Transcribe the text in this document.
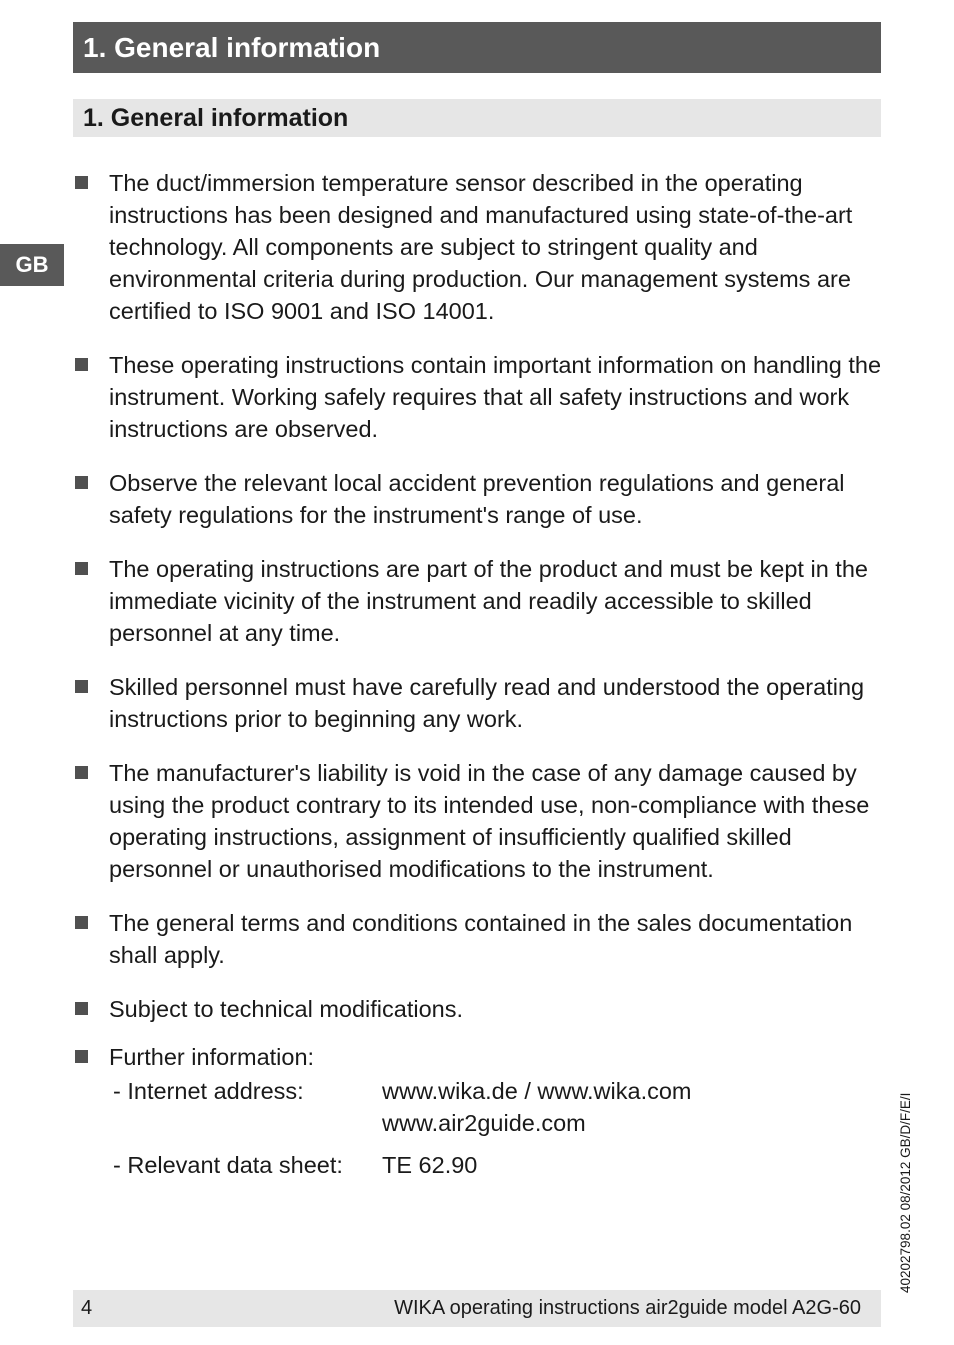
1. General information
1. General information
GB
The duct/immersion temperature sensor described in the operating instructions has been designed and manufactured using state-of-the-art technology. All components are subject to stringent quality and environmental criteria during production. Our management systems are certified to ISO 9001 and ISO 14001.
These operating instructions contain important information on handling the instrument. Working safely requires that all safety instructions and work instructions are observed.
Observe the relevant local accident prevention regulations and general safety regulations for the instrument's range of use.
The operating instructions are part of the product and must be kept in the immediate vicinity of the instrument and readily accessible to skilled personnel at any time.
Skilled personnel must have carefully read and understood the operating instructions prior to beginning any work.
The manufacturer's liability is void in the case of any damage caused by using the product contrary to its intended use, non-compliance with these operating instructions, assignment of insufficiently qualified skilled personnel or unauthorised modifications to the instrument.
The general terms and conditions contained in the sales documentation shall apply.
Subject to technical modifications.
Further information:
- Internet address:	www.wika.de / www.wika.com
www.air2guide.com
- Relevant data sheet:	TE 62.90	40202798.02 08/2012 GB/D/F/E/I
4	WIKA operating instructions air2guide model A2G-60
